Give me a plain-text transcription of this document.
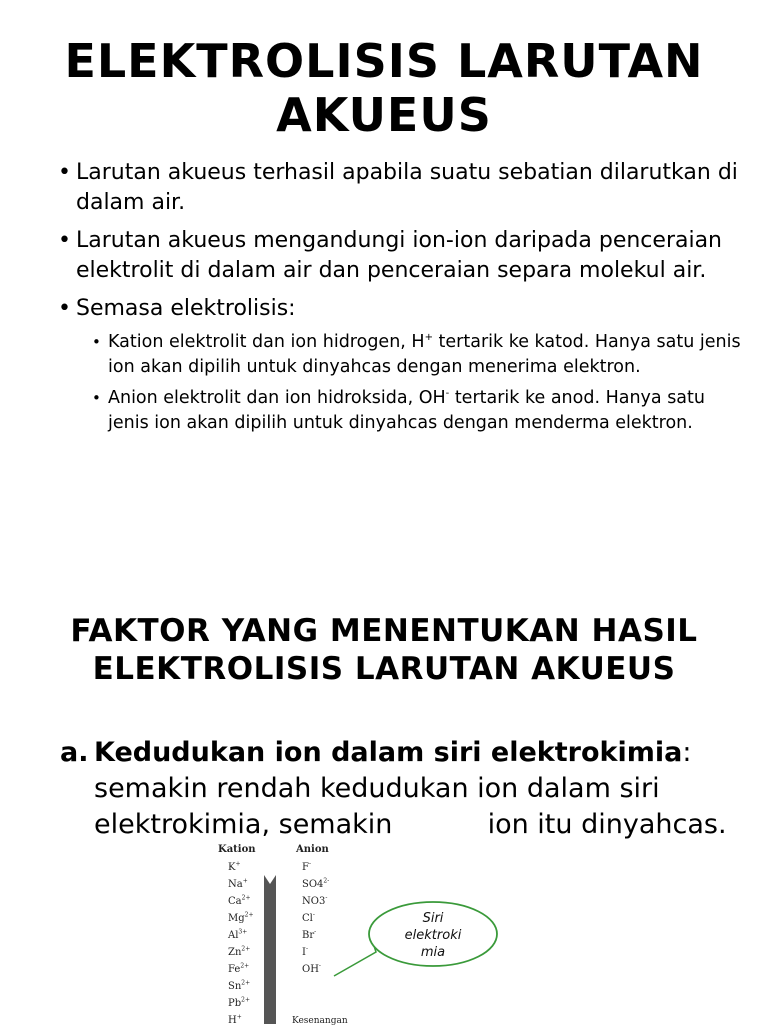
ELEKTROLISIS LARUTAN AKUEUS
• Larutan akueus terhasil apabila suatu sebatian dilarutkan di dalam air.
• Larutan akueus mengandungi ion-ion daripada penceraian elektrolit di dalam air dan penceraian separa molekul air.
• Semasa elektrolisis:
• Kation elektrolit dan ion hidrogen, H+ tertarik ke katod. Hanya satu jenis ion akan dipilih untuk dinyahcas dengan menerima elektron.
• Anion elektrolit dan ion hidroksida, OH- tertarik ke anod. Hanya satu jenis ion akan dipilih untuk dinyahcas dengan menderma elektron.
FAKTOR YANG MENENTUKAN HASIL ELEKTROLISIS LARUTAN AKUEUS
a. Kedudukan ion dalam siri elektrokimia: semakin rendah kedudukan ion dalam siri elektrokimia, semakin	ion itu dinyahcas.
Siri
elektroki
mia
Kation	Anion
K+
Na+
$Ca^{2+}$
$Mg^{2+}$
$Al^{3+}$
$Zn^{2+}$
$Fe^{2+}$
$Sn^{2+}$
$Pb^{2+}$
H+
F-
$SO4^{2-}$
NO3-
Cl-
Br-
I-
OH-
Kesenangan
